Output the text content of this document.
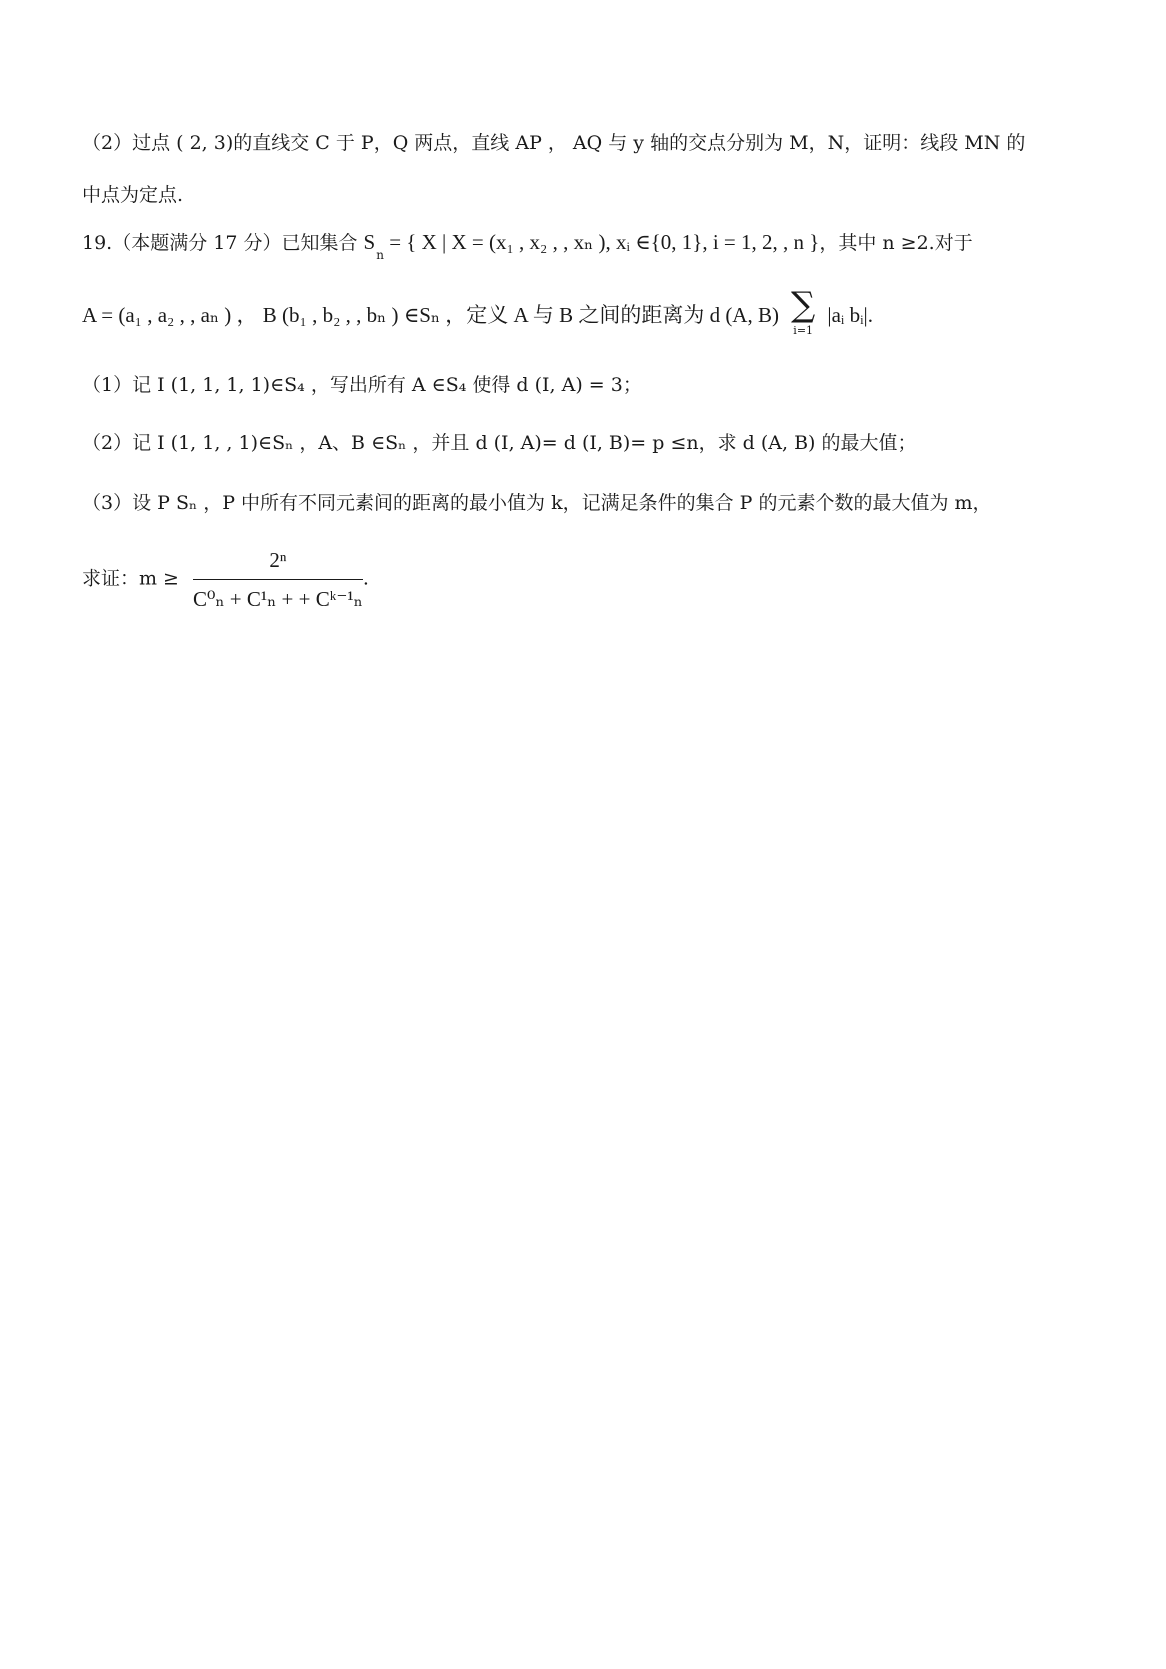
（2）过点 ( 2, 3)的直线交 C 于 P，Q 两点，直线 AP ， AQ 与 y 轴的交点分别为 M，N，证明：线段 MN 的
中点为定点.
19.（本题满分 17 分）已知集合 $S_n$ = { X | X = (x₁ , x₂ , , xₙ ), xᵢ ∈{0, 1}, i = 1, 2, , n }，其中 n ≥2.对于
A = (a₁ , a₂ , , aₙ ) ， B (b₁ , b₂ , , bₙ ) ∈Sₙ ，定义 A 与 B 之间的距离为 d (A, B) ∑
i=1
|aᵢ bᵢ|.
（1）记 I (1, 1, 1, 1)∈S₄ ，写出所有 A ∈S₄ 使得 d (I, A) = 3；
（2）记 I (1, 1, , 1)∈Sₙ ，A、B ∈Sₙ ，并且 d (I, A)= d (I, B)= p ≤n，求 d (A, B) 的最大值；
（3）设 P Sₙ ，P 中所有不同元素间的距离的最小值为 k，记满足条件的集合 P 的元素个数的最大值为 m，
求证：$m \ge \frac{\text{2ⁿ}}{\text{C⁰ₙ + C¹ₙ + + Cᵏ⁻¹ₙ}}$ .
